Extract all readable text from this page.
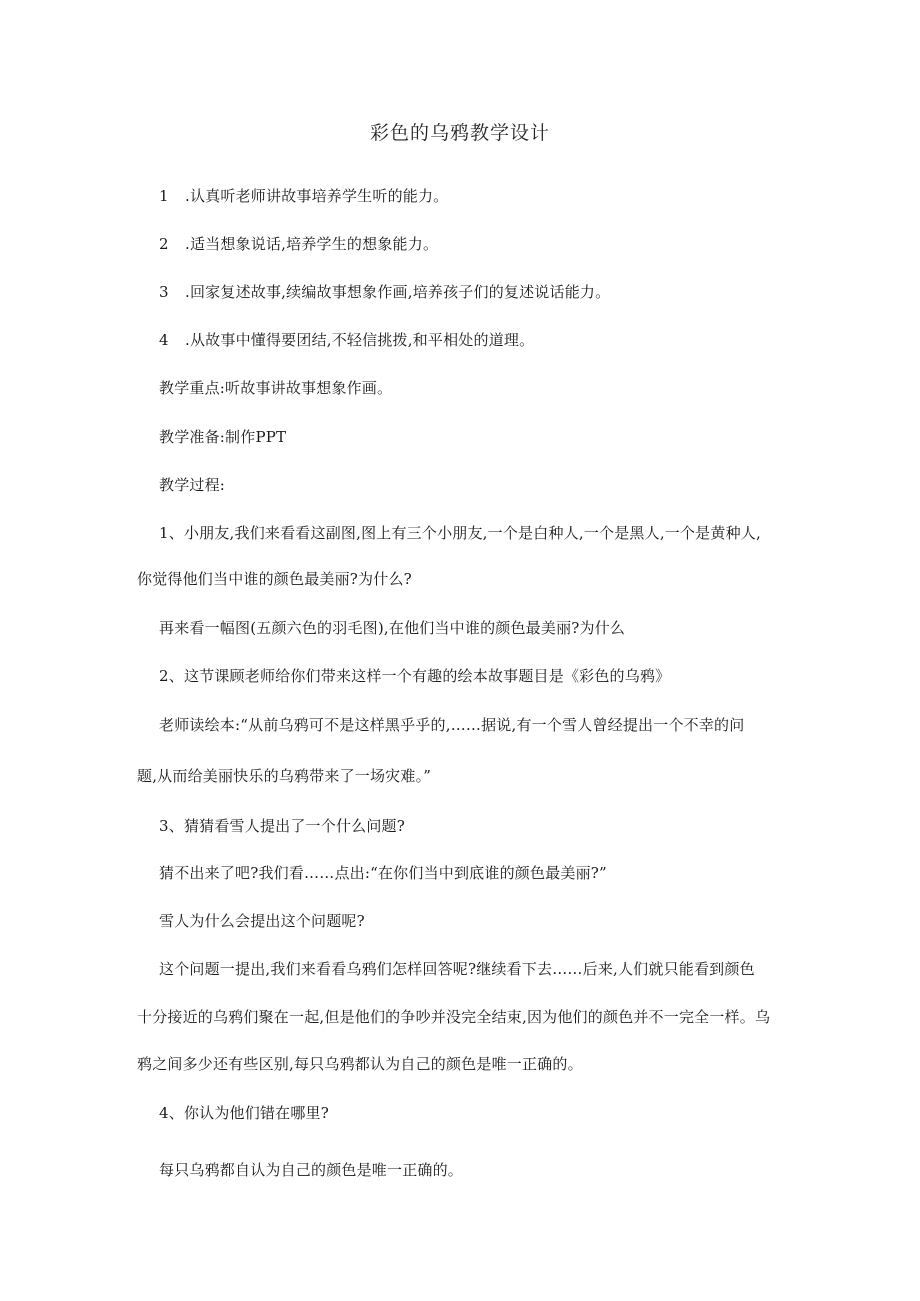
彩色的乌鸦教学设计
1 .认真听老师讲故事培养学生听的能力。
2 .适当想象说话,培养学生的想象能力。
3 .回家复述故事,续编故事想象作画,培养孩子们的复述说话能力。
4 .从故事中懂得要团结,不轻信挑拨,和平相处的道理。
教学重点:听故事讲故事想象作画。
教学准备:制作PPT
教学过程:
1、小朋友,我们来看看这副图,图上有三个小朋友,一个是白种人,一个是黑人,一个是黄种人,
你觉得他们当中谁的颜色最美丽?为什么?
再来看一幅图(五颜六色的羽毛图),在他们当中谁的颜色最美丽?为什么
2、这节课顾老师给你们带来这样一个有趣的绘本故事题目是《彩色的乌鸦》
老师读绘本:“从前乌鸦可不是这样黑乎乎的,……据说,有一个雪人曾经提出一个不幸的问
题,从而给美丽快乐的乌鸦带来了一场灾难。”
3、猜猜看雪人提出了一个什么问题?
猜不出来了吧?我们看……点出:“在你们当中到底谁的颜色最美丽?”
雪人为什么会提出这个问题呢?
这个问题一提出,我们来看看乌鸦们怎样回答呢?继续看下去……后来,人们就只能看到颜色
十分接近的乌鸦们聚在一起,但是他们的争吵并没完全结束,因为他们的颜色并不一完全一样。乌
鸦之间多少还有些区别,每只乌鸦都认为自己的颜色是唯一正确的。
4、你认为他们错在哪里?
每只乌鸦都自认为自己的颜色是唯一正确的。
